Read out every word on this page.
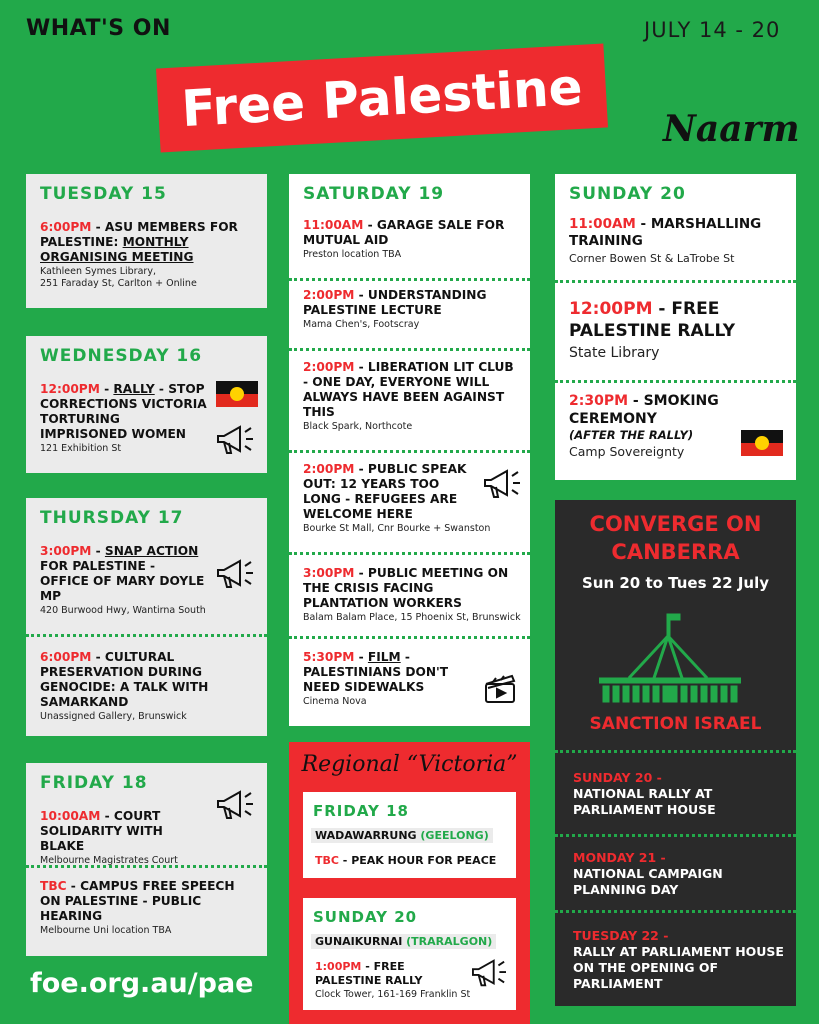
WHAT'S ON	JULY 14 - 20
Free Palestine Naarm
TUESDAY 15
6:00PM - ASU MEMBERS FOR PALESTINE: MONTHLY ORGANISING MEETING
Kathleen Symes Library,
251 Faraday St, Carlton + Online
WEDNESDAY 16
12:00PM - RALLY - STOP CORRECTIONS VICTORIA TORTURING IMPRISONED WOMEN
121 Exhibition St
THURSDAY 17
3:00PM - SNAP ACTION FOR PALESTINE - OFFICE OF MARY DOYLE MP
420 Burwood Hwy, Wantirna South
6:00PM - CULTURAL PRESERVATION DURING GENOCIDE: A TALK WITH SAMARKAND
Unassigned Gallery, Brunswick
FRIDAY 18
10:00AM - COURT SOLIDARITY WITH BLAKE
Melbourne Magistrates Court
TBC - CAMPUS FREE SPEECH ON PALESTINE - PUBLIC HEARING
Melbourne Uni location TBA
SATURDAY 19
11:00AM - GARAGE SALE FOR MUTUAL AID
Preston location TBA
2:00PM - UNDERSTANDING PALESTINE LECTURE
Mama Chen's, Footscray
2:00PM - LIBERATION LIT CLUB - ONE DAY, EVERYONE WILL ALWAYS HAVE BEEN AGAINST THIS
Black Spark, Northcote
2:00PM - PUBLIC SPEAK OUT: 12 YEARS TOO LONG - REFUGEES ARE WELCOME HERE
Bourke St Mall, Cnr Bourke + Swanston
3:00PM - PUBLIC MEETING ON THE CRISIS FACING PLANTATION WORKERS
Balam Balam Place, 15 Phoenix St, Brunswick
5:30PM - FILM - PALESTINIANS DON'T NEED SIDEWALKS
Cinema Nova
Regional “Victoria”
FRIDAY 18
WADAWARRUNG (GEELONG)
TBC - PEAK HOUR FOR PEACE
SUNDAY 20
GUNAIKURNAI (TRARALGON)
1:00PM - FREE PALESTINE RALLY
Clock Tower, 161-169 Franklin St
SUNDAY 20
11:00AM - MARSHALLING TRAINING
Corner Bowen St & LaTrobe St
12:00PM - FREE PALESTINE RALLY
State Library
2:30PM - SMOKING CEREMONY
(AFTER THE RALLY)
Camp Sovereignty
CONVERGE ON
CANBERRA
Sun 20 to Tues 22 July
SANCTION ISRAEL
SUNDAY 20 -
NATIONAL RALLY AT PARLIAMENT HOUSE
MONDAY 21 -
NATIONAL CAMPAIGN PLANNING DAY
TUESDAY 22 -
RALLY AT PARLIAMENT HOUSE ON THE OPENING OF PARLIAMENT
foe.org.au/pae
